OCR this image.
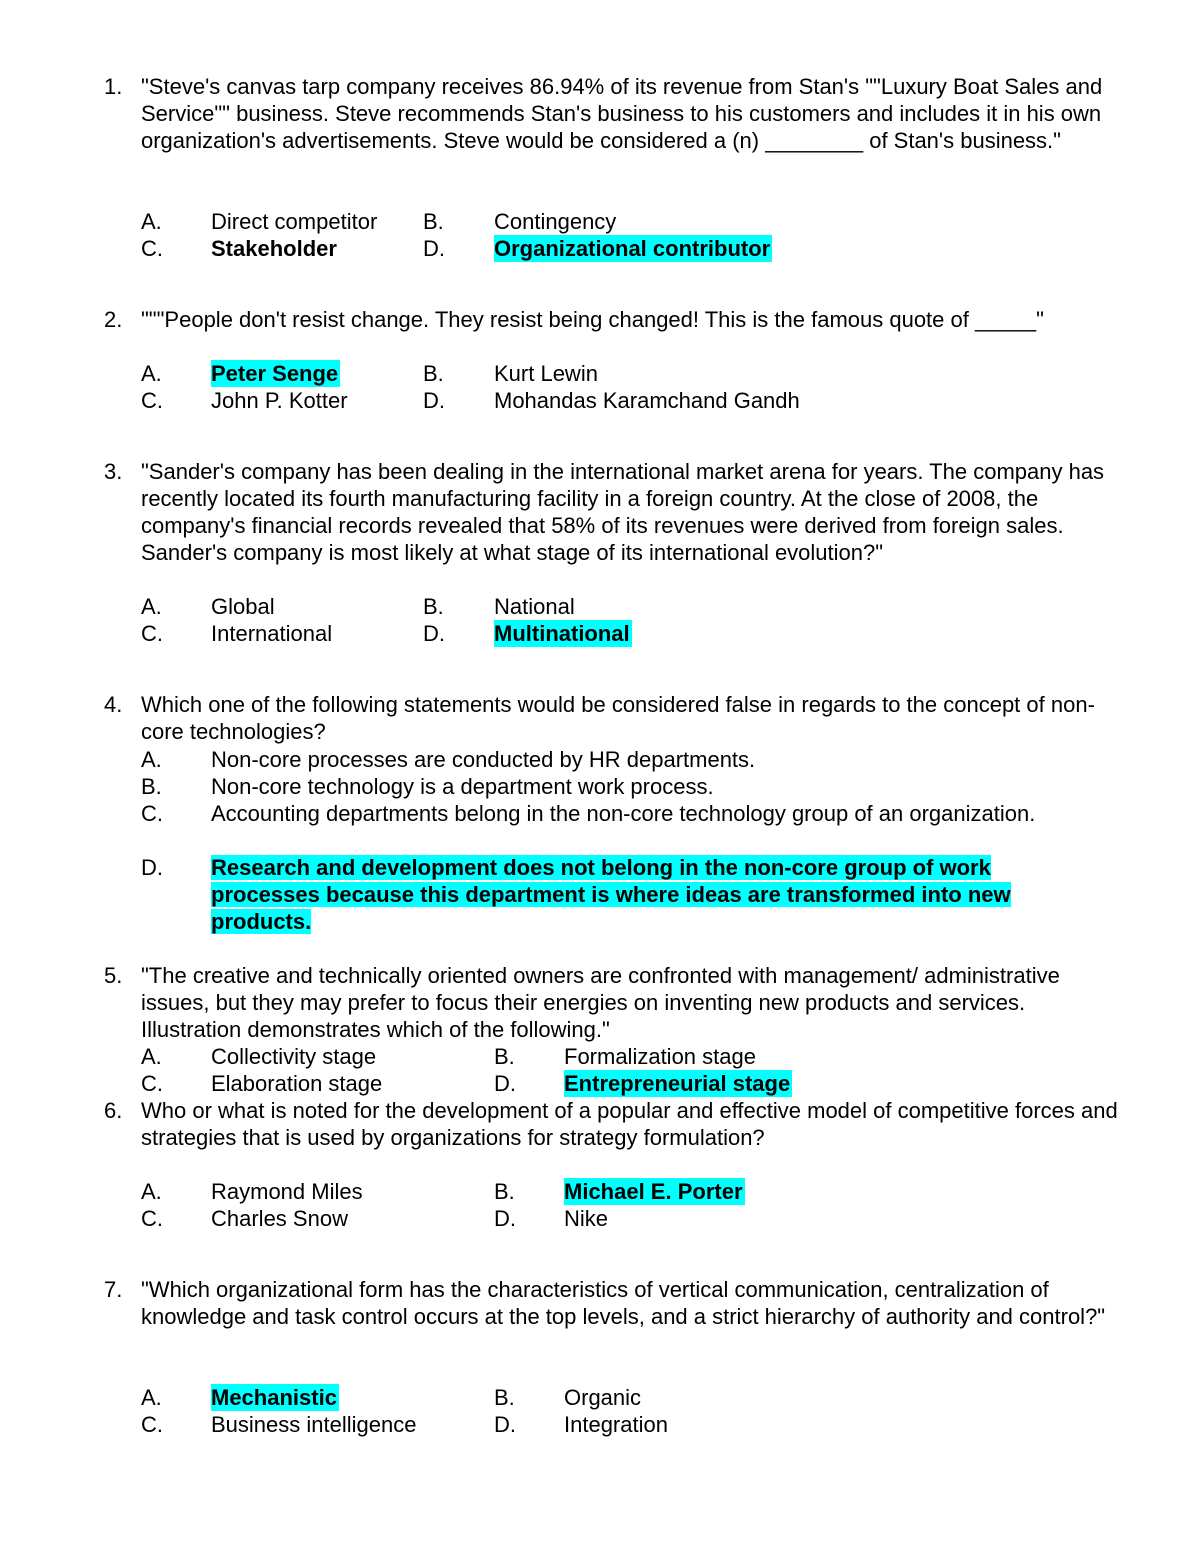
1. "Steve's canvas tarp company receives 86.94% of its revenue from Stan's ""Luxury Boat Sales and Service"" business. Steve recommends Stan's business to his customers and includes it in his own organization's advertisements. Steve would be considered a (n) ________ of Stan's business."
A. Direct competitor B. Contingency
C. Stakeholder	D. Organizational contributor
2. """People don't resist change. They resist being changed! This is the famous quote of _____"
A. Peter Senge	B. Kurt Lewin
C. John P. Kotter	D. Mohandas Karamchand Gandh
3. "Sander's company has been dealing in the international market arena for years. The company has recently located its fourth manufacturing facility in a foreign country. At the close of 2008, the company's financial records revealed that 58% of its revenues were derived from foreign sales. Sander's company is most likely at what stage of its international evolution?"
A. Global	B. National
C. International	D. Multinational
4. Which one of the following statements would be considered false in regards to the concept of non-core technologies?
A. Non-core processes are conducted by HR departments.
B. Non-core technology is a department work process.
C. Accounting departments belong in the non-core technology group of an organization.
D. Research and development does not belong in the non-core group of work
processes because this department is where ideas are transformed into new
products.
5. "The creative and technically oriented owners are confronted with management/ administrative issues, but they may prefer to focus their energies on inventing new products and services. Illustration demonstrates which of the following."
A. Collectivity stage	B. Formalization stage
C. Elaboration stage	D. Entrepreneurial stage
6. Who or what is noted for the development of a popular and effective model of competitive forces and strategies that is used by organizations for strategy formulation?
A. Raymond Miles	B. Michael E. Porter
C. Charles Snow	D. Nike
7. "Which organizational form has the characteristics of vertical communication, centralization of knowledge and task control occurs at the top levels, and a strict hierarchy of authority and control?"
A. Mechanistic	B. Organic
C. Business intelligence	D. Integration
